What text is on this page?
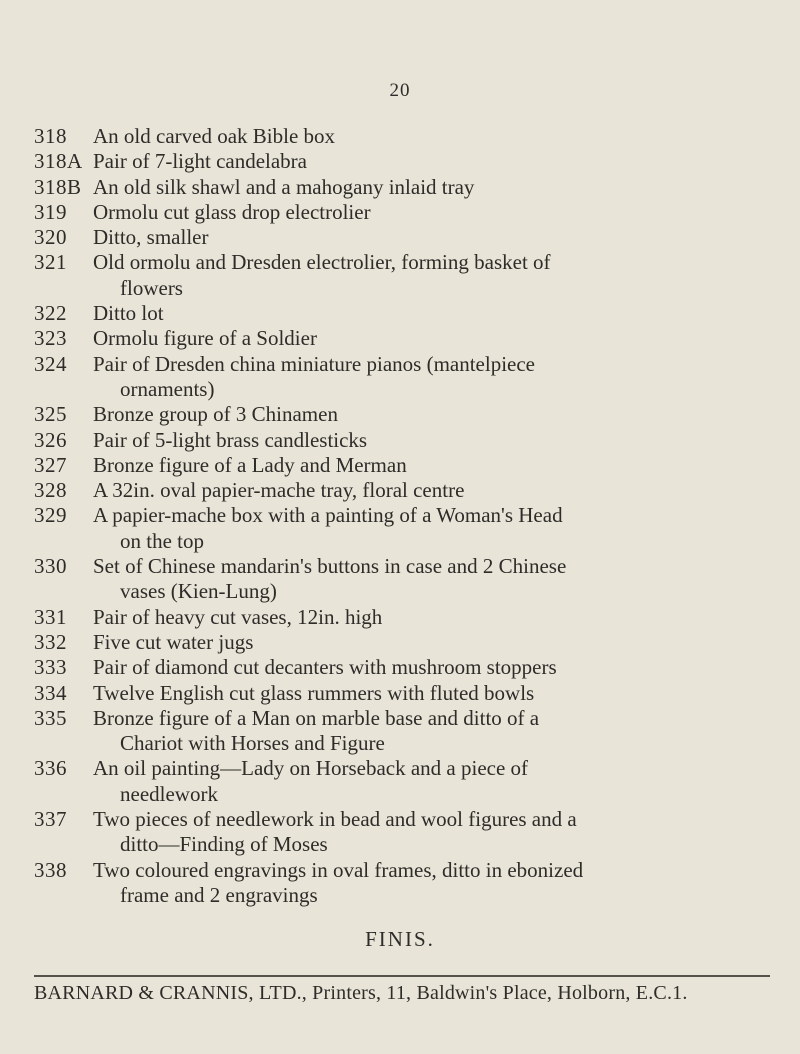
20
318	An old carved oak Bible box
318A Pair of 7-light candelabra
318B An old silk shawl and a mahogany inlaid tray
319	Ormolu cut glass drop electrolier
320	Ditto, smaller
321	Old ormolu and Dresden electrolier, forming basket of
flowers
322	Ditto lot
323	Ormolu figure of a Soldier
324	Pair of Dresden china miniature pianos (mantelpiece
ornaments)
325	Bronze group of 3 Chinamen
326	Pair of 5-light brass candlesticks
327	Bronze figure of a Lady and Merman
328	A 32in. oval papier-mache tray, floral centre
329	A papier-mache box with a painting of a Woman's Head
on the top
330	Set of Chinese mandarin's buttons in case and 2 Chinese
vases (Kien-Lung)
331	Pair of heavy cut vases, 12in. high
332	Five cut water jugs
333	Pair of diamond cut decanters with mushroom stoppers
334	Twelve English cut glass rummers with fluted bowls
335	Bronze figure of a Man on marble base and ditto of a
Chariot with Horses and Figure
336	An oil painting—Lady on Horseback and a piece of
needlework
337	Two pieces of needlework in bead and wool figures and a
ditto—Finding of Moses
338	Two coloured engravings in oval frames, ditto in ebonized
frame and 2 engravings
FINIS.
BARNARD & CRANNIS, LTD., Printers, 11, Baldwin's Place, Holborn, E.C.1.
